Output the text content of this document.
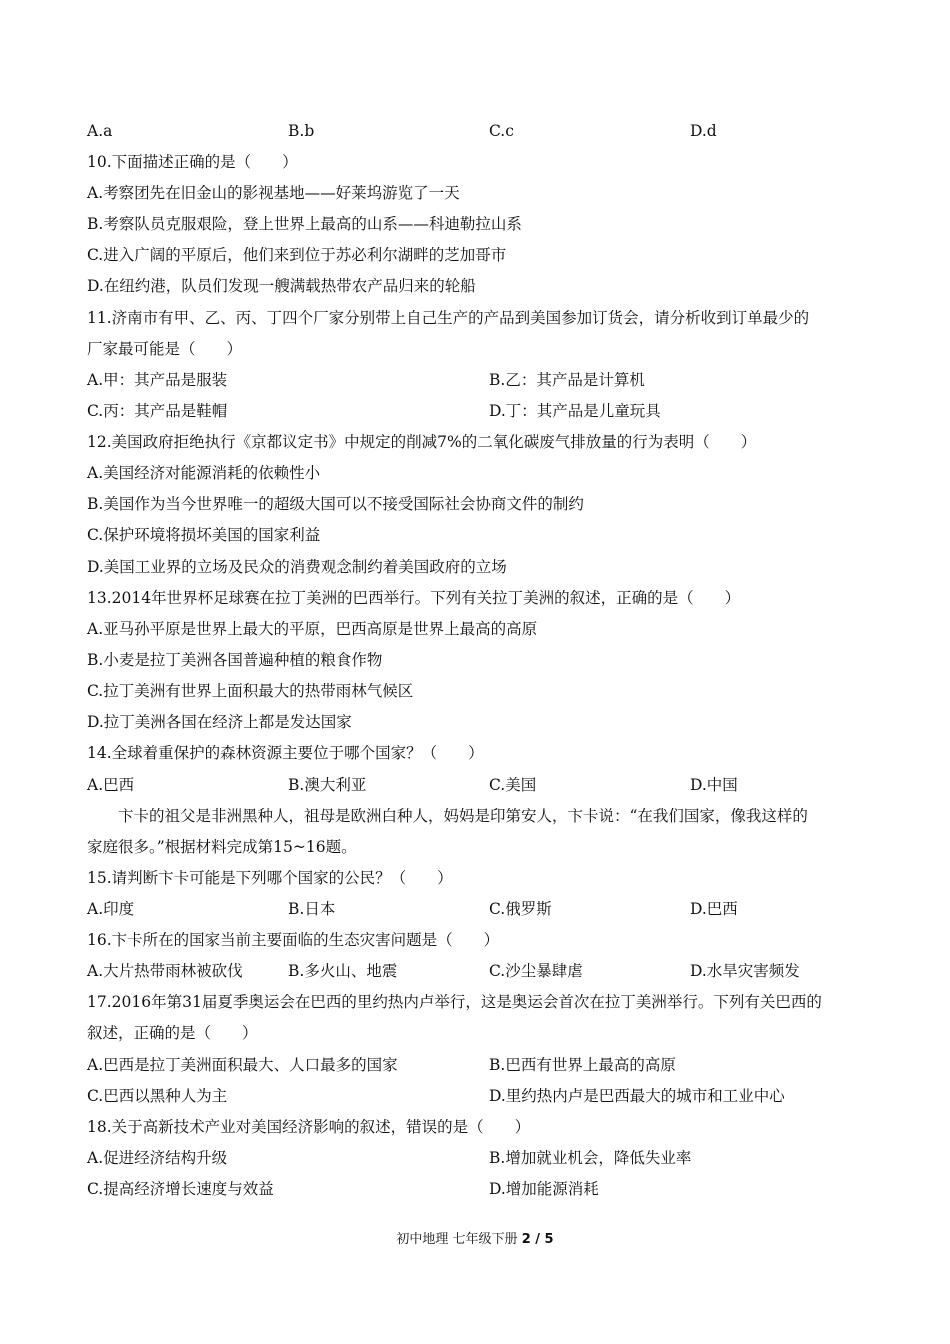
A.a	B.b	C.c	D.d
10.下面描述正确的是（　　）
A.考察团先在旧金山的影视基地——好莱坞游览了一天
B.考察队员克服艰险，登上世界上最高的山系——科迪勒拉山系
C.进入广阔的平原后，他们来到位于苏必利尔湖畔的芝加哥市
D.在纽约港，队员们发现一艘满载热带农产品归来的轮船
11.济南市有甲、乙、丙、丁四个厂家分别带上自己生产的产品到美国参加订货会，请分析收到订单最少的
厂家最可能是（　　）
A.甲：其产品是服装	B.乙：其产品是计算机
C.丙：其产品是鞋帽	D.丁：其产品是儿童玩具
12.美国政府拒绝执行《京都议定书》中规定的削减7%的二氧化碳废气排放量的行为表明（　　）
A.美国经济对能源消耗的依赖性小
B.美国作为当今世界唯一的超级大国可以不接受国际社会协商文件的制约
C.保护环境将损坏美国的国家利益
D.美国工业界的立场及民众的消费观念制约着美国政府的立场
13.2014年世界杯足球赛在拉丁美洲的巴西举行。下列有关拉丁美洲的叙述，正确的是（　　）
A.亚马孙平原是世界上最大的平原，巴西高原是世界上最高的高原
B.小麦是拉丁美洲各国普遍种植的粮食作物
C.拉丁美洲有世界上面积最大的热带雨林气候区
D.拉丁美洲各国在经济上都是发达国家
14.全球着重保护的森林资源主要位于哪个国家？（　　）
A.巴西	B.澳大利亚	C.美国	D.中国
卞卡的祖父是非洲黑种人，祖母是欧洲白种人，妈妈是印第安人，卞卡说：“在我们国家，像我这样的
家庭很多。”根据材料完成第15~16题。
15.请判断卞卡可能是下列哪个国家的公民？（　　）
A.印度	B.日本	C.俄罗斯	D.巴西
16.卞卡所在的国家当前主要面临的生态灾害问题是（　　）
A.大片热带雨林被砍伐	B.多火山、地震	C.沙尘暴肆虐	D.水旱灾害频发
17.2016年第31届夏季奥运会在巴西的里约热内卢举行，这是奥运会首次在拉丁美洲举行。下列有关巴西的
叙述，正确的是（　　）
A.巴西是拉丁美洲面积最大、人口最多的国家	B.巴西有世界上最高的高原
C.巴西以黑种人为主	D.里约热内卢是巴西最大的城市和工业中心
18.关于高新技术产业对美国经济影响的叙述，错误的是（　　）
A.促进经济结构升级	B.增加就业机会，降低失业率
C.提高经济增长速度与效益	D.增加能源消耗
初中地理 七年级下册 2 / 5
